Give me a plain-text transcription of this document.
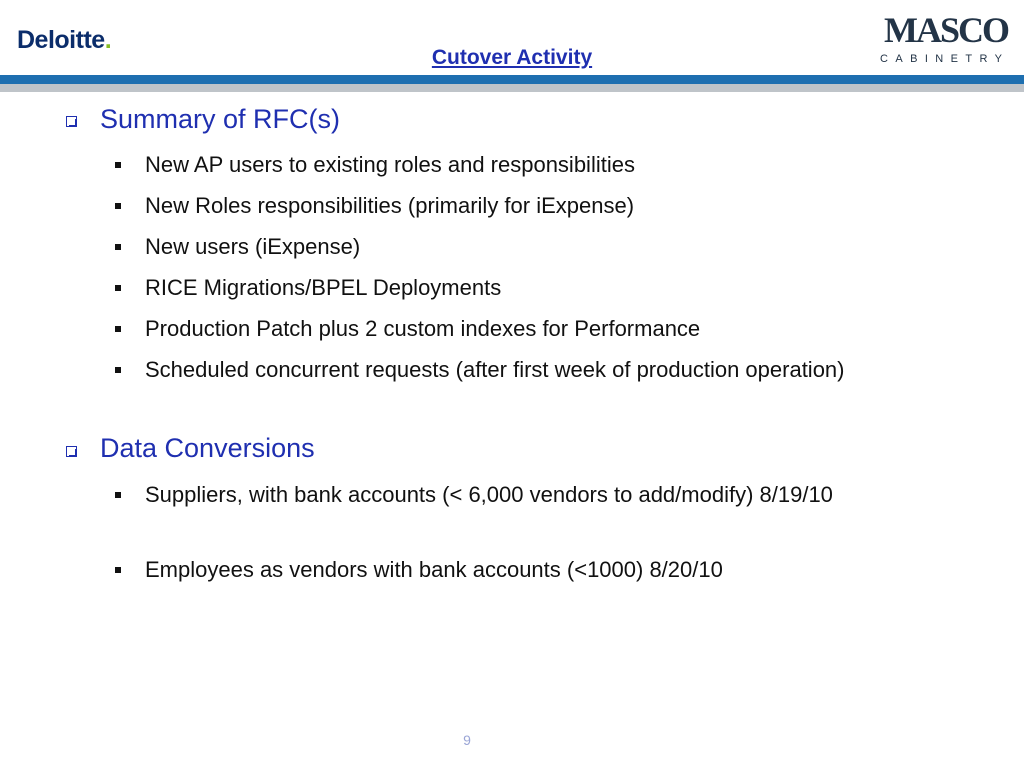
Deloitte.
Cutover Activity
MASCO
CABINETRY
Summary of RFC(s)
New AP users to existing roles and responsibilities
New Roles responsibilities (primarily for iExpense)
New users (iExpense)
RICE Migrations/BPEL Deployments
Production Patch plus 2 custom indexes for Performance
Scheduled concurrent requests (after first week of production operation)
Data Conversions
Suppliers, with bank accounts (< 6,000 vendors to add/modify) 8/19/10
Employees as vendors with bank accounts (<1000) 8/20/10
9
